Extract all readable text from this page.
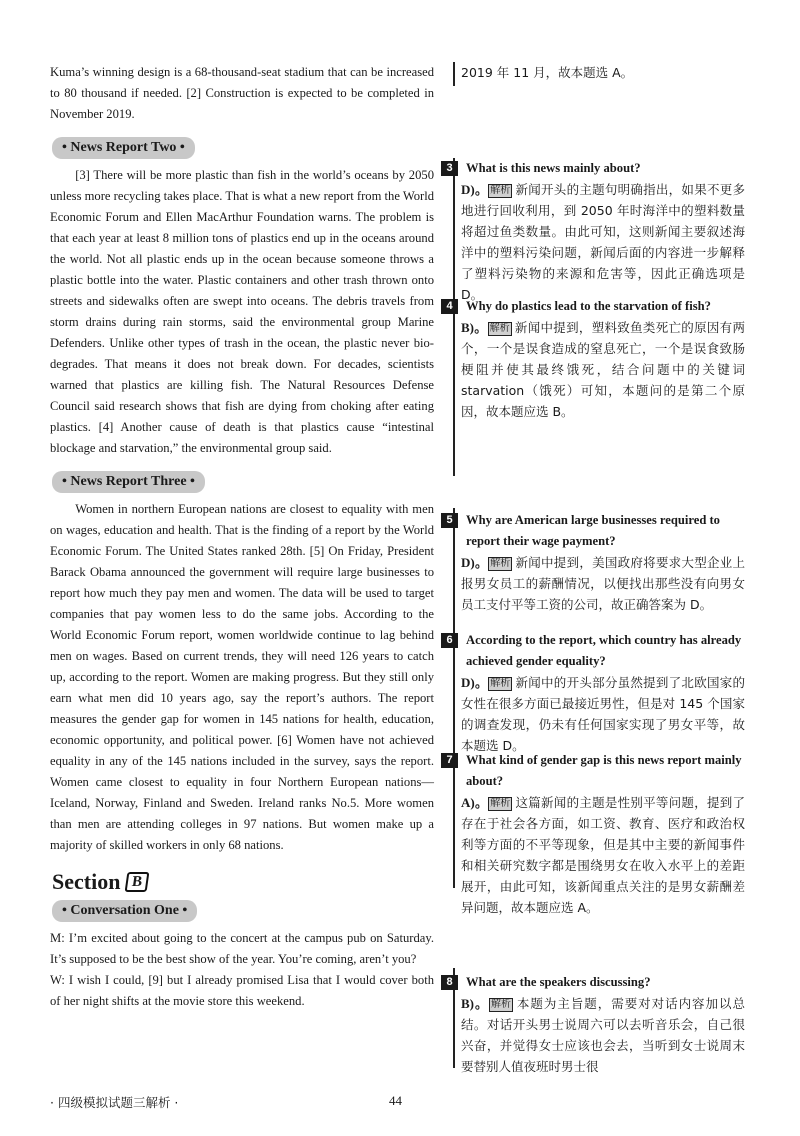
Kuma’s winning design is a 68-thousand-seat stadium that can be increased to 80 thousand if needed. [2] Construction is expected to be completed in November 2019.

• News Report Two •

[3] There will be more plastic than fish in the world’s oceans by 2050 unless more recycling takes place. That is what a new report from the World Economic Forum and Ellen MacArthur Foundation warns. The problem is that each year at least 8 million tons of plastics end up in the oceans around the world. Not all plastic ends up in the ocean because someone throws a plastic bottle into the water. Plastic containers and other trash thrown onto streets and sidewalks often are swept into oceans. The debris travels from storm drains during rain storms, said the environmental group Marine Defenders. Unlike other types of trash in the ocean, the plastic never bio-degrades. That means it does not break down. For decades, scientists warned that plastics are killing fish. The Natural Resources Defense Council said research shows that fish are dying from choking after eating plastics. [4] Another cause of death is that plastics cause “intestinal blockage and starvation,” the environmental group said.

• News Report Three •

Women in northern European nations are closest to equality with men on wages, education and health. That is the finding of a report by the World Economic Forum. The United States ranked 28th. [5] On Friday, President Barack Obama announced the government will require large businesses to report how much they pay men and women. The data will be used to target companies that pay women less to do the same jobs. According to the World Economic Forum report, women worldwide continue to lag behind men on wages. Based on current trends, they will need 126 years to catch up, according to the report. Women are making progress. But they still only earn what men did 10 years ago, say the report’s authors. The report measures the gender gap for women in 145 nations for health, education, economic opportunity, and political power. [6] Women have not achieved equality in any of the 145 nations included in the survey, says the report. Women came closest to equality in four Northern European nations—Iceland, Norway, Finland and Sweden. Ireland ranks No.5. More women than men are attending colleges in 97 nations. But women make up a majority of skilled workers in only 68 nations.

Section B
• Conversation One •

M: I’m excited about going to the concert at the campus pub on Saturday. It’s supposed to be the best show of the year. You’re coming, aren’t you?

W: I wish I could, [9] but I already promised Lisa that I would cover both of her night shifts at the movie store this weekend.

2019 年 11 月，故本题选 A。

3	What is this news mainly about?

D)。 解析 新闻开头的主题句明确指出，如果不更多地进行回收利用，到 2050 年时海洋中的塑料数量将超过鱼类数量。由此可知，这则新闻主要叙述海洋中的塑料污染问题，新闻后面的内容进一步解释了塑料污染物的来源和危害等，因此正确选项是 D。

4	Why do plastics lead to the starvation of fish?

B)。 解析 新闻中提到，塑料致鱼类死亡的原因有两个，一个是误食造成的窒息死亡，一个是误食致肠梗阻并使其最终饿死，结合问题中的关键词 starvation（饿死）可知，本题问的是第二个原因，故本题应选 B。

5	Why are American large businesses required to report their wage payment?

D)。 解析 新闻中提到，美国政府将要求大型企业上报男女员工的薪酬情况，以便找出那些没有向男女员工支付平等工资的公司，故正确答案为 D。

6	According to the report, which country has already achieved gender equality?

D)。 解析 新闻中的开头部分虽然提到了北欧国家的女性在很多方面已最接近男性，但是对 145 个国家的调查发现，仍未有任何国家实现了男女平等，故本题选 D。

7	What kind of gender gap is this news report mainly about?

A)。 解析 这篇新闻的主题是性别平等问题，提到了存在于社会各方面，如工资、教育、医疗和政治权利等方面的不平等现象，但是其中主要的新闻事件和相关研究数字都是围绕男女在收入水平上的差距展开，由此可知，该新闻重点关注的是男女薪酬差异问题，故本题应选 A。

8	What are the speakers discussing?

B)。 解析 本题为主旨题，需要对对话内容加以总结。对话开头男士说周六可以去听音乐会，自己很兴奋，并觉得女士应该也会去，当听到女士说周末要替别人值夜班时男士很

· 四级模拟试题三解析 ·	44
